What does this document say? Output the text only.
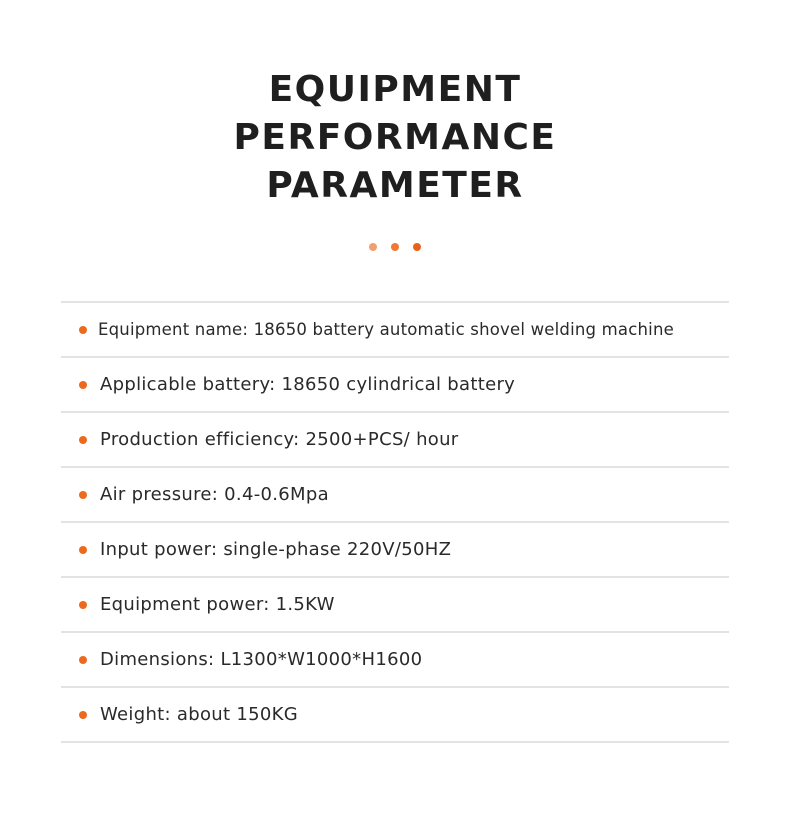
EQUIPMENT
PERFORMANCE
PARAMETER

Equipment name: 18650 battery automatic shovel welding machine
Applicable battery: 18650 cylindrical battery
Production efficiency: 2500+PCS/ hour
Air pressure: 0.4-0.6Mpa
Input power: single-phase 220V/50HZ
Equipment power: 1.5KW
Dimensions: L1300*W1000*H1600
Weight: about 150KG
